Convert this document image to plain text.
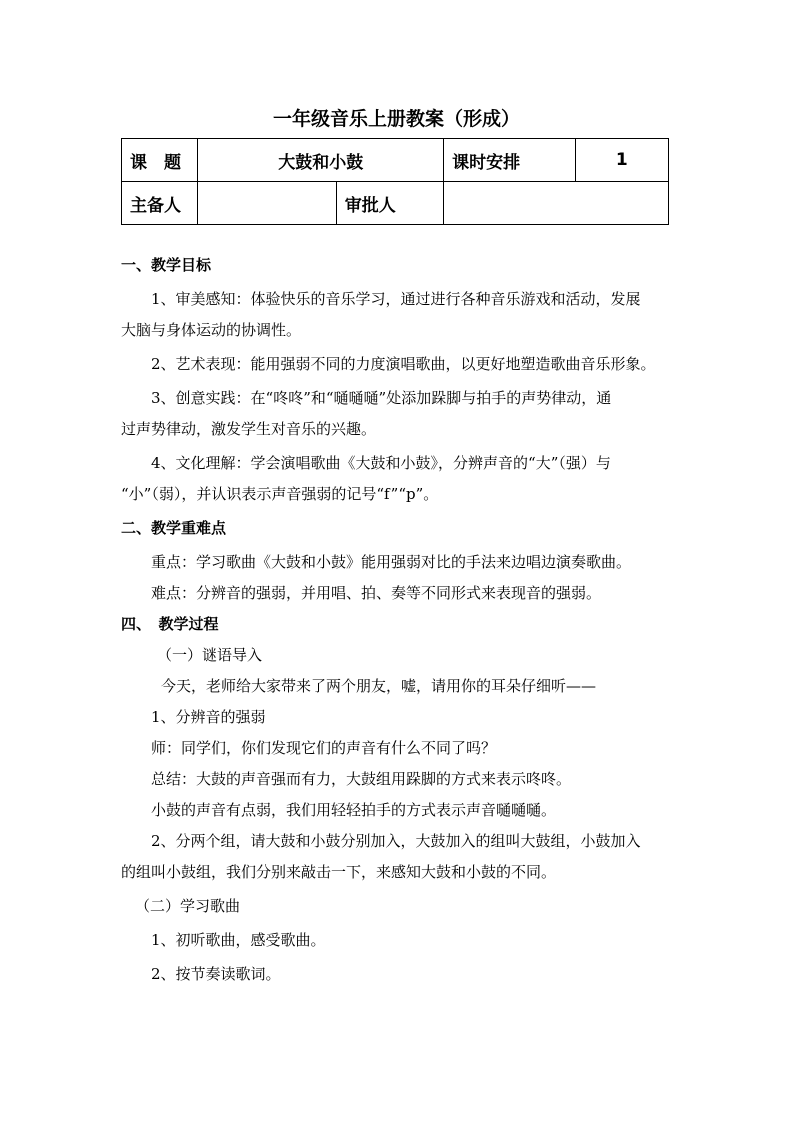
一年级音乐上册教案（形成）
课　题	大鼓和小鼓		课时安排	1
主备人		审批人		

一、教学目标

1、审美感知：体验快乐的音乐学习，通过进行各种音乐游戏和活动，发展

大脑与身体运动的协调性。

2、艺术表现：能用强弱不同的力度演唱歌曲，以更好地塑造歌曲音乐形象。

3、创意实践：在“咚咚”和“嗵嗵嗵”处添加跺脚与拍手的声势律动，通

过声势律动，激发学生对音乐的兴趣。

4、文化理解：学会演唱歌曲《大鼓和小鼓》，分辨声音的“大”（强）与

“小”（弱），并认识表示声音强弱的记号“f”“p”。

二、教学重难点

重点：学习歌曲《大鼓和小鼓》能用强弱对比的手法来边唱边演奏歌曲。

难点：分辨音的强弱，并用唱、拍、奏等不同形式来表现音的强弱。

四、　教学过程

（一）谜语导入

今天，老师给大家带来了两个朋友，嘘，请用你的耳朵仔细听——

1、分辨音的强弱

师：同学们，你们发现它们的声音有什么不同了吗？

总结：大鼓的声音强而有力，大鼓组用跺脚的方式来表示咚咚。

小鼓的声音有点弱，我们用轻轻拍手的方式表示声音嗵嗵嗵。

2、分两个组，请大鼓和小鼓分别加入，大鼓加入的组叫大鼓组，小鼓加入

的组叫小鼓组，我们分别来敲击一下，来感知大鼓和小鼓的不同。

（二）学习歌曲

1、初听歌曲，感受歌曲。

2、按节奏读歌词。
